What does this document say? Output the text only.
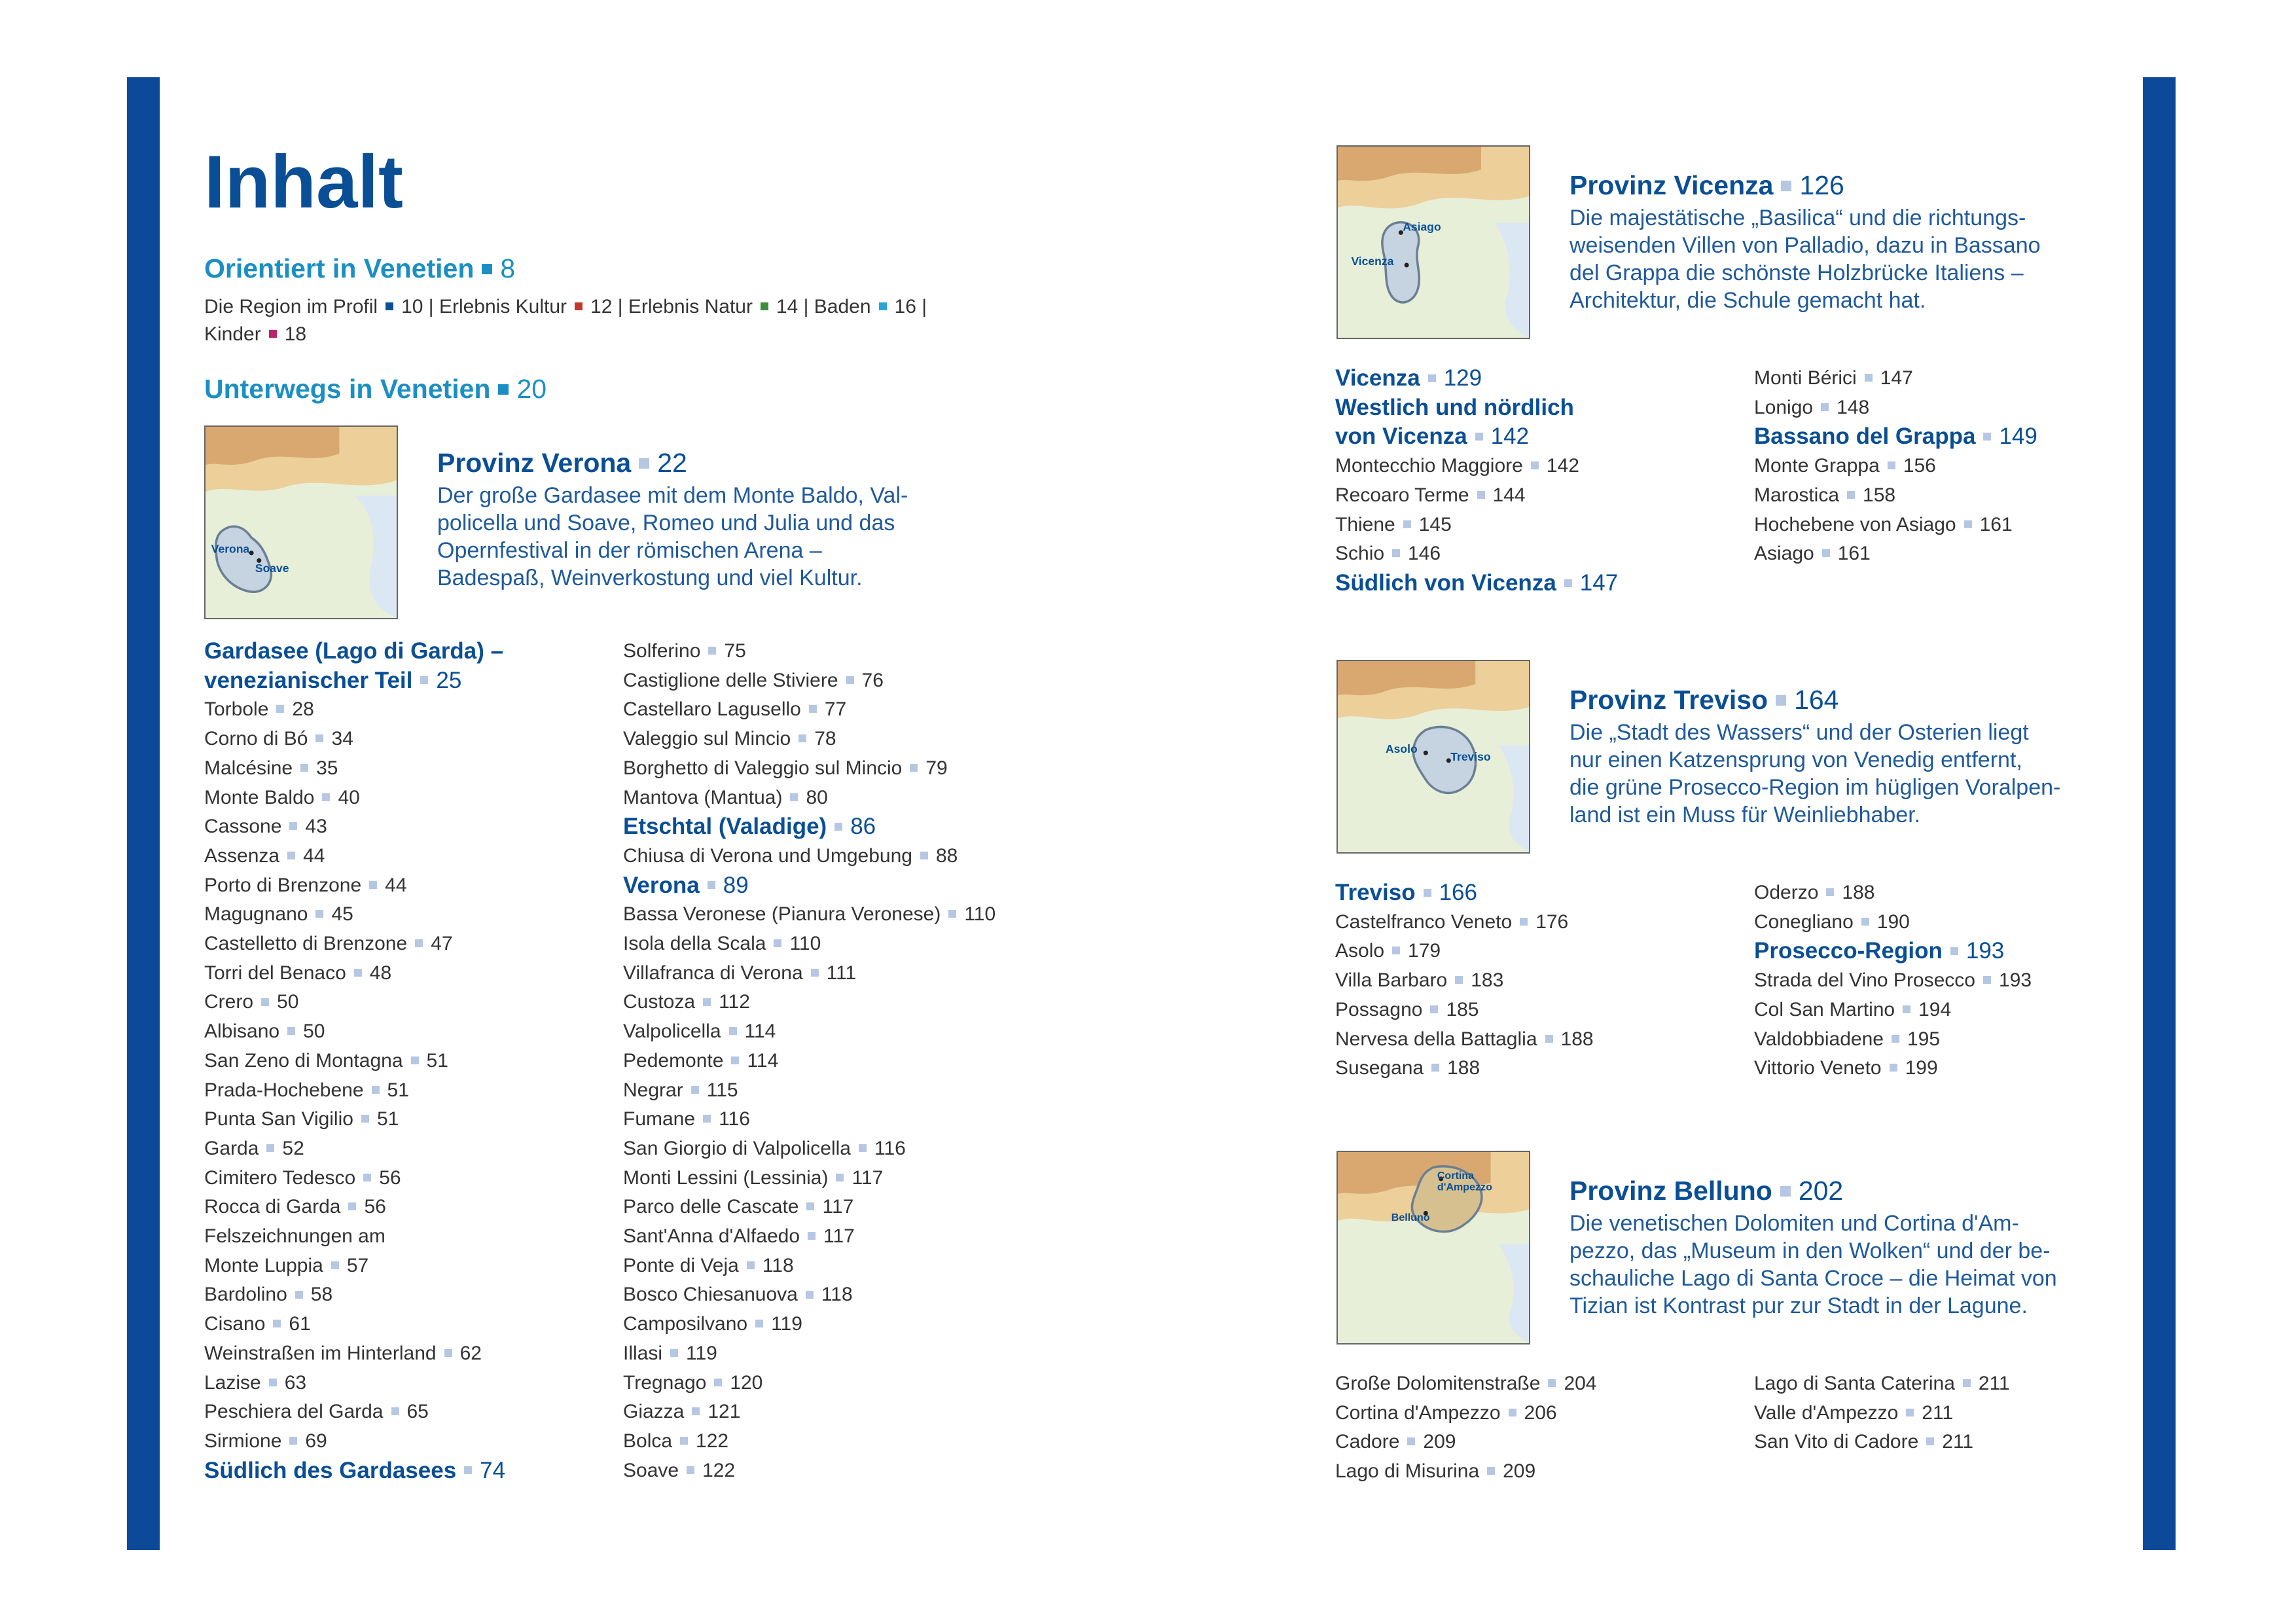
Inhalt
Orientiert in Venetien 8
Die Region im Profil 10 | Erlebnis Kultur 12 | Erlebnis Natur 14 | Baden 16 |
Kinder 18
Unterwegs in Venetien 20
Verona
Soave
Provinz Verona 22
Der große Gardasee mit dem Monte Baldo, Val-
policella und Soave, Romeo und Julia und das
Opernfestival in der römischen Arena –
Badespaß, Weinverkostung und viel Kultur.
Gardasee (Lago di Garda) –
venezianischer Teil 25
Torbole 28
Corno di Bó 34
Malcésine 35
Monte Baldo 40
Cassone 43
Assenza 44
Porto di Brenzone 44
Magugnano 45
Castelletto di Brenzone 47
Torri del Benaco 48
Crero 50
Albisano 50
San Zeno di Montagna 51
Prada-Hochebene 51
Punta San Vigilio 51
Garda 52
Cimitero Tedesco 56
Rocca di Garda 56
Felszeichnungen am
Monte Luppia 57
Bardolino 58
Cisano 61
Weinstraßen im Hinterland 62
Lazise 63
Peschiera del Garda 65
Sirmione 69
Südlich des Gardasees 74
Solferino 75
Castiglione delle Stiviere 76
Castellaro Lagusello 77
Valeggio sul Mincio 78
Borghetto di Valeggio sul Mincio 79
Mantova (Mantua) 80
Etschtal (Valadige) 86
Chiusa di Verona und Umgebung 88
Verona 89
Bassa Veronese (Pianura Veronese) 110
Isola della Scala 110
Villafranca di Verona 111
Custoza 112
Valpolicella 114
Pedemonte 114
Negrar 115
Fumane 116
San Giorgio di Valpolicella 116
Monti Lessini (Lessinia) 117
Parco delle Cascate 117
Sant'Anna d'Alfaedo 117
Ponte di Veja 118
Bosco Chiesanuova 118
Camposilvano 119
Illasi 119
Tregnago 120
Giazza 121
Bolca 122
Soave 122
Asiago
Vicenza
Provinz Vicenza 126
Die majestätische „Basilica“ und die richtungs-
weisenden Villen von Palladio, dazu in Bassano
del Grappa die schönste Holzbrücke Italiens –
Architektur, die Schule gemacht hat.
Vicenza 129
Westlich und nördlich
von Vicenza 142
Montecchio Maggiore 142
Recoaro Terme 144
Thiene 145
Schio 146
Südlich von Vicenza 147
Monti Bérici 147
Lonigo 148
Bassano del Grappa 149
Monte Grappa 156
Marostica 158
Hochebene von Asiago 161
Asiago 161
Asolo
Treviso
Provinz Treviso 164
Die „Stadt des Wassers“ und der Osterien liegt
nur einen Katzensprung von Venedig entfernt,
die grüne Prosecco-Region im hügligen Voralpen-
land ist ein Muss für Weinliebhaber.
Treviso 166
Castelfranco Veneto 176
Asolo 179
Villa Barbaro 183
Possagno 185
Nervesa della Battaglia 188
Susegana 188
Oderzo 188
Conegliano 190
Prosecco-Region 193
Strada del Vino Prosecco 193
Col San Martino 194
Valdobbiadene 195
Vittorio Veneto 199
Cortina
d'Ampezzo
Belluno
Provinz Belluno 202
Die venetischen Dolomiten und Cortina d'Am-
pezzo, das „Museum in den Wolken“ und der be-
schauliche Lago di Santa Croce – die Heimat von
Tizian ist Kontrast pur zur Stadt in der Lagune.
Große Dolomitenstraße 204
Cortina d'Ampezzo 206
Cadore 209
Lago di Misurina 209
Lago di Santa Caterina 211
Valle d'Ampezzo 211
San Vito di Cadore 211
